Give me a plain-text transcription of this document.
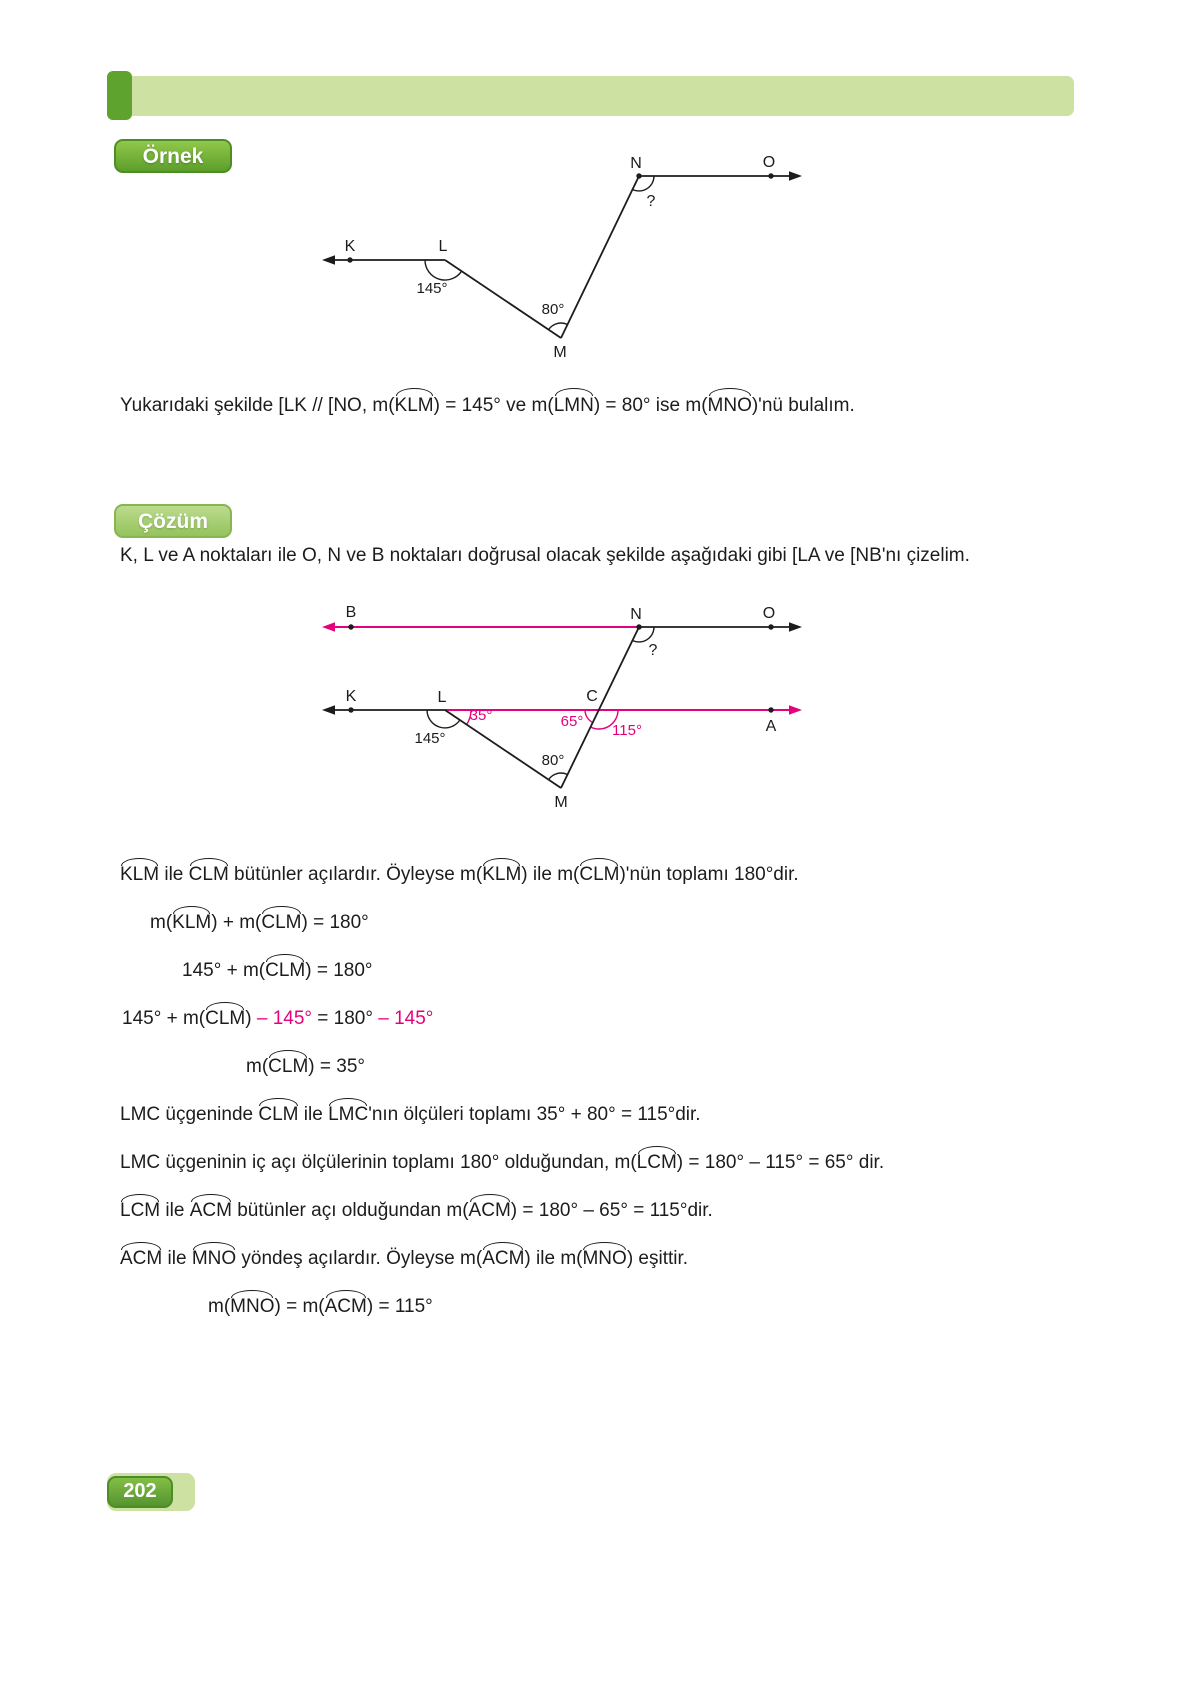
Örnek
K	L
M
N	O
145°
80°
?

Yukarıdaki şekilde [LK // [NO, m(KLM) = 145° ve m(LMN) = 80° ise m(MNO)'nü bulalım.

Çözüm

K, L ve A noktaları ile O, N ve B noktaları doğrusal olacak şekilde aşağıdaki gibi [LA ve [NB'nı çizelim.

B	N	O
?
K	L	C
A
145°
35°	65°
115°
80°
M
KLM ile CLM bütünler açılardır. Öyleyse m(KLM) ile m(CLM)'nün toplamı 180°dir.
m(KLM) + m(CLM) = 180°
145° + m(CLM) = 180°
145° + m(CLM) – 145° = 180° – 145°
m(CLM) = 35°
LMC üçgeninde CLM ile LMC'nın ölçüleri toplamı 35° + 80° = 115°dir.
LMC üçgeninin iç açı ölçülerinin toplamı 180° olduğundan, m(LCM) = 180° – 115° = 65° dir.
LCM ile ACM bütünler açı olduğundan m(ACM) = 180° – 65° = 115°dir.
ACM ile MNO yöndeş açılardır. Öyleyse m(ACM) ile m(MNO) eşittir.
m(MNO) = m(ACM) = 115°
202
